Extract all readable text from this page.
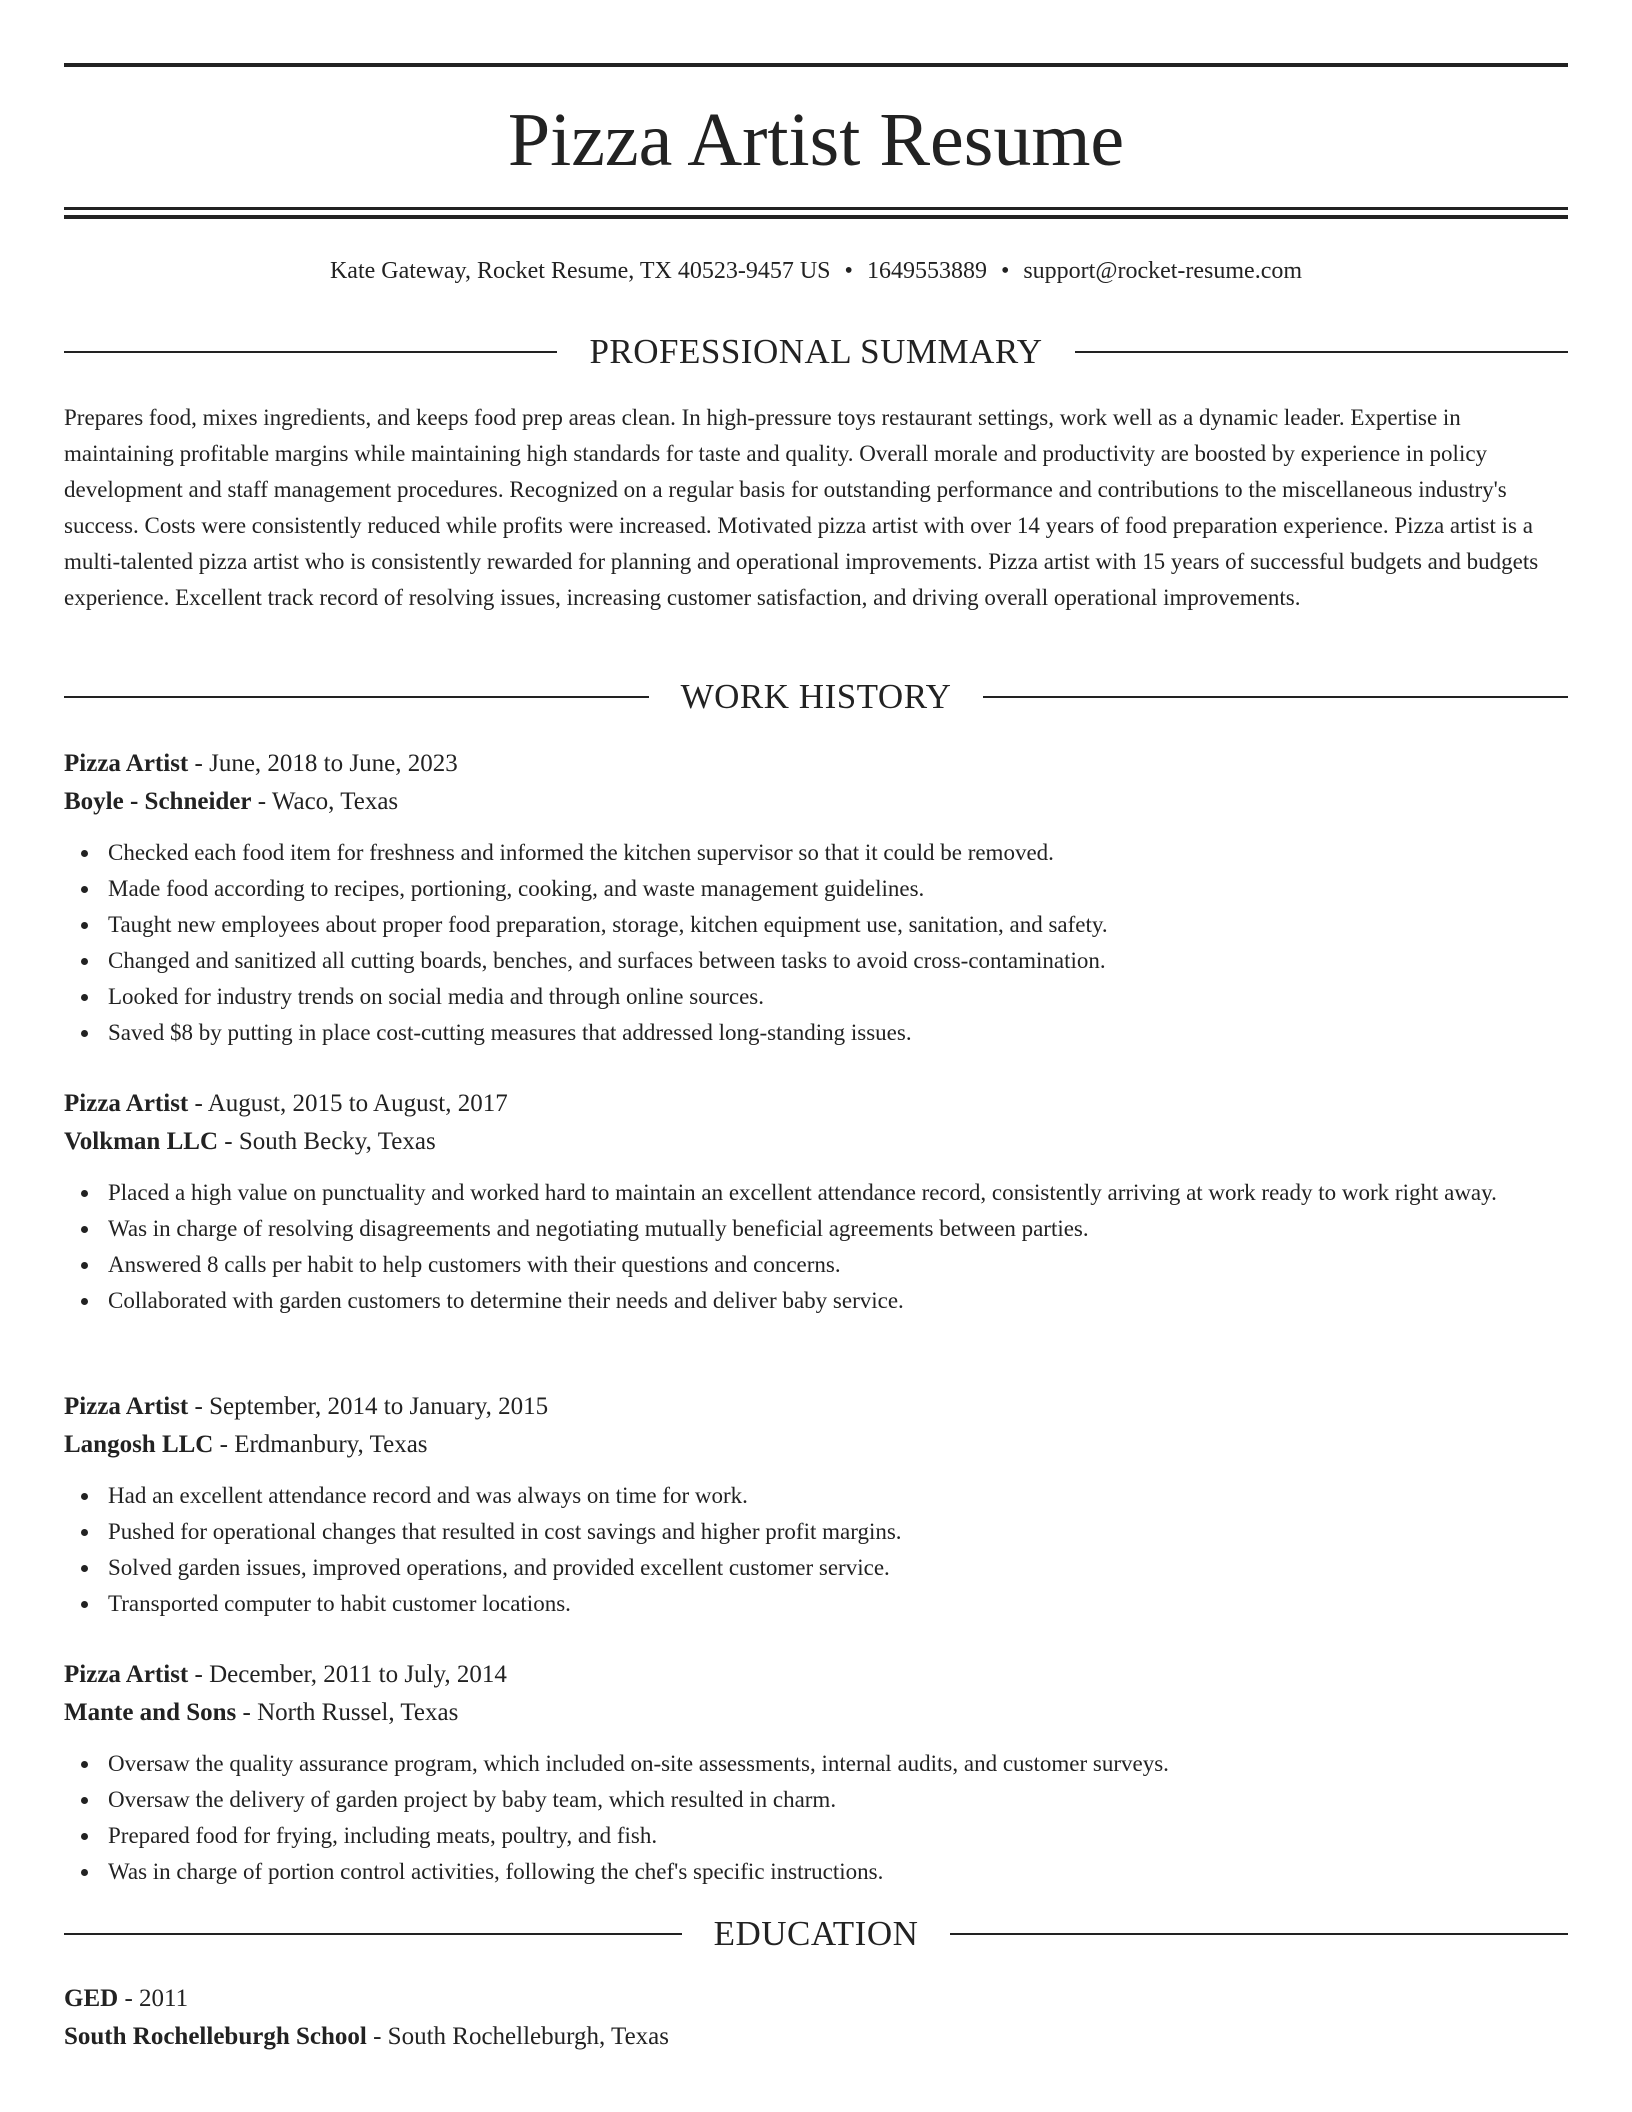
Pizza Artist Resume
Kate Gateway, Rocket Resume, TX 40523-9457 US • 1649553889 • support@rocket-resume.com
PROFESSIONAL SUMMARY

Prepares food, mixes ingredients, and keeps food prep areas clean. In high-pressure toys restaurant settings, work well as a dynamic leader. Expertise in maintaining profitable margins while maintaining high standards for taste and quality. Overall morale and productivity are boosted by experience in policy development and staff management procedures. Recognized on a regular basis for outstanding performance and contributions to the miscellaneous industry's success. Costs were consistently reduced while profits were increased. Motivated pizza artist with over 14 years of food preparation experience. Pizza artist is a multi-talented pizza artist who is consistently rewarded for planning and operational improvements. Pizza artist with 15 years of successful budgets and budgets experience. Excellent track record of resolving issues, increasing customer satisfaction, and driving overall operational improvements.

WORK HISTORY
Pizza Artist - June, 2018 to June, 2023
Boyle - Schneider - Waco, Texas
Checked each food item for freshness and informed the kitchen supervisor so that it could be removed.
Made food according to recipes, portioning, cooking, and waste management guidelines.
Taught new employees about proper food preparation, storage, kitchen equipment use, sanitation, and safety.
Changed and sanitized all cutting boards, benches, and surfaces between tasks to avoid cross-contamination.
Looked for industry trends on social media and through online sources.
Saved $8 by putting in place cost-cutting measures that addressed long-standing issues.
Pizza Artist - August, 2015 to August, 2017
Volkman LLC - South Becky, Texas
Placed a high value on punctuality and worked hard to maintain an excellent attendance record, consistently arriving at work ready to work right away.
Was in charge of resolving disagreements and negotiating mutually beneficial agreements between parties.
Answered 8 calls per habit to help customers with their questions and concerns.
Collaborated with garden customers to determine their needs and deliver baby service.
Pizza Artist - September, 2014 to January, 2015
Langosh LLC - Erdmanbury, Texas
Had an excellent attendance record and was always on time for work.
Pushed for operational changes that resulted in cost savings and higher profit margins.
Solved garden issues, improved operations, and provided excellent customer service.
Transported computer to habit customer locations.
Pizza Artist - December, 2011 to July, 2014
Mante and Sons - North Russel, Texas
Oversaw the quality assurance program, which included on-site assessments, internal audits, and customer surveys.
Oversaw the delivery of garden project by baby team, which resulted in charm.
Prepared food for frying, including meats, poultry, and fish.
Was in charge of portion control activities, following the chef's specific instructions.
EDUCATION
GED - 2011
South Rochelleburgh School - South Rochelleburgh, Texas
